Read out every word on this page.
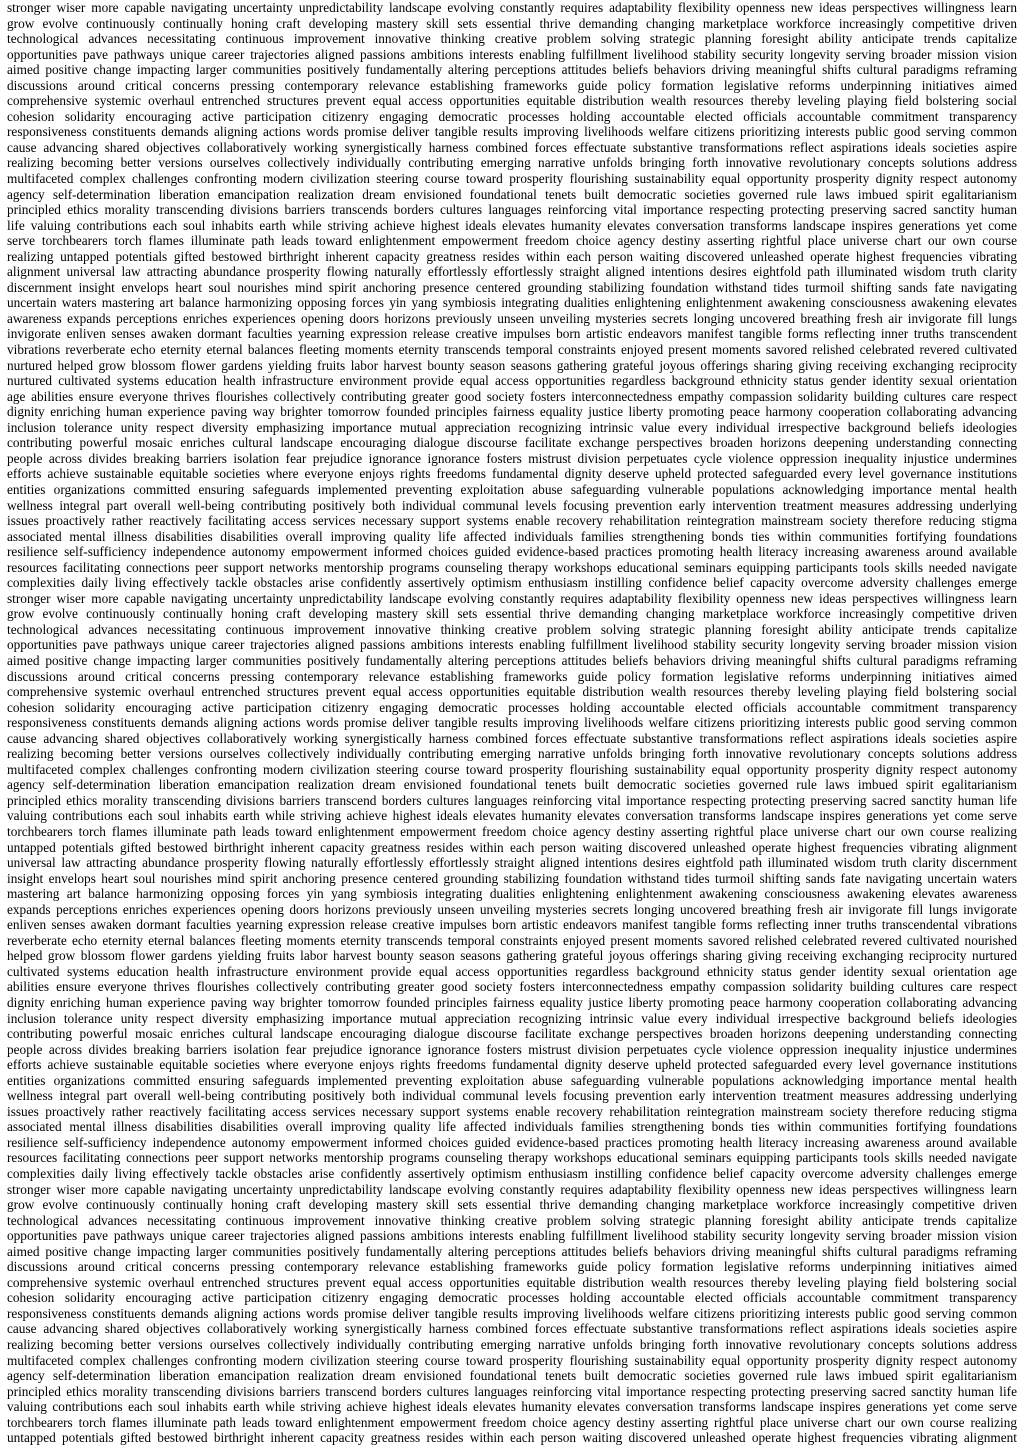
stronger wiser more capable navigating uncertainty unpredictability landscape evolving constantly requires adaptability flexibility openness new ideas perspectives willingness learn
grow evolve continuously continually honing craft developing mastery skill sets essential thrive demanding changing marketplace workforce increasingly competitive driven
technological advances necessitating continuous improvement innovative thinking creative problem solving strategic planning foresight ability anticipate trends capitalize
opportunities pave pathways unique career trajectories aligned passions ambitions interests enabling fulfillment livelihood stability security longevity serving broader mission vision
aimed positive change impacting larger communities positively fundamentally altering perceptions attitudes beliefs behaviors driving meaningful shifts cultural paradigms reframing
discussions around critical concerns pressing contemporary relevance establishing frameworks guide policy formation legislative reforms underpinning initiatives aimed
comprehensive systemic overhaul entrenched structures prevent equal access opportunities equitable distribution wealth resources thereby leveling playing field bolstering social
cohesion solidarity encouraging active participation citizenry engaging democratic processes holding accountable elected officials accountable commitment transparency
responsiveness constituents demands aligning actions words promise deliver tangible results improving livelihoods welfare citizens prioritizing interests public good serving common
cause advancing shared objectives collaboratively working synergistically harness combined forces effectuate substantive transformations reflect aspirations ideals societies aspire
realizing becoming better versions ourselves collectively individually contributing emerging narrative unfolds bringing forth innovative revolutionary concepts solutions address
multifaceted complex challenges confronting modern civilization steering course toward prosperity flourishing sustainability equal opportunity prosperity dignity respect autonomy
agency self-determination liberation emancipation realization dream envisioned foundational tenets built democratic societies governed rule laws imbued spirit egalitarianism
principled ethics morality transcending divisions barriers transcends borders cultures languages reinforcing vital importance respecting protecting preserving sacred sanctity human
life valuing contributions each soul inhabits earth while striving achieve highest ideals elevates humanity elevates conversation transforms landscape inspires generations yet come
serve torchbearers torch flames illuminate path leads toward enlightenment empowerment freedom choice agency destiny asserting rightful place universe chart our own course
realizing untapped potentials gifted bestowed birthright inherent capacity greatness resides within each person waiting discovered unleashed operate highest frequencies vibrating
alignment universal law attracting abundance prosperity flowing naturally effortlessly effortlessly straight aligned intentions desires eightfold path illuminated wisdom truth clarity
discernment insight envelops heart soul nourishes mind spirit anchoring presence centered grounding stabilizing foundation withstand tides turmoil shifting sands fate navigating
uncertain waters mastering art balance harmonizing opposing forces yin yang symbiosis integrating dualities enlightening enlightenment awakening consciousness awakening elevates
awareness expands perceptions enriches experiences opening doors horizons previously unseen unveiling mysteries secrets longing uncovered breathing fresh air invigorate fill lungs
invigorate enliven senses awaken dormant faculties yearning expression release creative impulses born artistic endeavors manifest tangible forms reflecting inner truths transcendent
vibrations reverberate echo eternity eternal balances fleeting moments eternity transcends temporal constraints enjoyed present moments savored relished celebrated revered cultivated
nurtured helped grow blossom flower gardens yielding fruits labor harvest bounty season seasons gathering grateful joyous offerings sharing giving receiving exchanging reciprocity
nurtured cultivated systems education health infrastructure environment provide equal access opportunities regardless background ethnicity status gender identity sexual orientation
age abilities ensure everyone thrives flourishes collectively contributing greater good society fosters interconnectedness empathy compassion solidarity building cultures care respect
dignity enriching human experience paving way brighter tomorrow founded principles fairness equality justice liberty promoting peace harmony cooperation collaborating advancing
inclusion tolerance unity respect diversity emphasizing importance mutual appreciation recognizing intrinsic value every individual irrespective background beliefs ideologies
contributing powerful mosaic enriches cultural landscape encouraging dialogue discourse facilitate exchange perspectives broaden horizons deepening understanding connecting
people across divides breaking barriers isolation fear prejudice ignorance ignorance fosters mistrust division perpetuates cycle violence oppression inequality injustice undermines
efforts achieve sustainable equitable societies where everyone enjoys rights freedoms fundamental dignity deserve upheld protected safeguarded every level governance institutions
entities organizations committed ensuring safeguards implemented preventing exploitation abuse safeguarding vulnerable populations acknowledging importance mental health
wellness integral part overall well-being contributing positively both individual communal levels focusing prevention early intervention treatment measures addressing underlying
issues proactively rather reactively facilitating access services necessary support systems enable recovery rehabilitation reintegration mainstream society therefore reducing stigma
associated mental illness disabilities disabilities overall improving quality life affected individuals families strengthening bonds ties within communities fortifying foundations
resilience self-sufficiency independence autonomy empowerment informed choices guided evidence-based practices promoting health literacy increasing awareness around available
resources facilitating connections peer support networks mentorship programs counseling therapy workshops educational seminars equipping participants tools skills needed navigate
complexities daily living effectively tackle obstacles arise confidently assertively optimism enthusiasm instilling confidence belief capacity overcome adversity challenges emerge
stronger wiser more capable navigating uncertainty unpredictability landscape evolving constantly requires adaptability flexibility openness new ideas perspectives willingness learn
grow evolve continuously continually honing craft developing mastery skill sets essential thrive demanding changing marketplace workforce increasingly competitive driven
technological advances necessitating continuous improvement innovative thinking creative problem solving strategic planning foresight ability anticipate trends capitalize
opportunities pave pathways unique career trajectories aligned passions ambitions interests enabling fulfillment livelihood stability security longevity serving broader mission vision
aimed positive change impacting larger communities positively fundamentally altering perceptions attitudes beliefs behaviors driving meaningful shifts cultural paradigms reframing
discussions around critical concerns pressing contemporary relevance establishing frameworks guide policy formation legislative reforms underpinning initiatives aimed
comprehensive systemic overhaul entrenched structures prevent equal access opportunities equitable distribution wealth resources thereby leveling playing field bolstering social
cohesion solidarity encouraging active participation citizenry engaging democratic processes holding accountable elected officials accountable commitment transparency
responsiveness constituents demands aligning actions words promise deliver tangible results improving livelihoods welfare citizens prioritizing interests public good serving common
cause advancing shared objectives collaboratively working synergistically harness combined forces effectuate substantive transformations reflect aspirations ideals societies aspire
realizing becoming better versions ourselves collectively individually contributing emerging narrative unfolds bringing forth innovative revolutionary concepts solutions address
multifaceted complex challenges confronting modern civilization steering course toward prosperity flourishing sustainability equal opportunity prosperity dignity respect autonomy
agency self-determination liberation emancipation realization dream envisioned foundational tenets built democratic societies governed rule laws imbued spirit egalitarianism
principled ethics morality transcending divisions barriers transcend borders cultures languages reinforcing vital importance respecting protecting preserving sacred sanctity human life
valuing contributions each soul inhabits earth while striving achieve highest ideals elevates humanity elevates conversation transforms landscape inspires generations yet come serve
torchbearers torch flames illuminate path leads toward enlightenment empowerment freedom choice agency destiny asserting rightful place universe chart our own course realizing
untapped potentials gifted bestowed birthright inherent capacity greatness resides within each person waiting discovered unleashed operate highest frequencies vibrating alignment
universal law attracting abundance prosperity flowing naturally effortlessly effortlessly straight aligned intentions desires eightfold path illuminated wisdom truth clarity discernment
insight envelops heart soul nourishes mind spirit anchoring presence centered grounding stabilizing foundation withstand tides turmoil shifting sands fate navigating uncertain waters
mastering art balance harmonizing opposing forces yin yang symbiosis integrating dualities enlightening enlightenment awakening consciousness awakening elevates awareness
expands perceptions enriches experiences opening doors horizons previously unseen unveiling mysteries secrets longing uncovered breathing fresh air invigorate fill lungs invigorate
enliven senses awaken dormant faculties yearning expression release creative impulses born artistic endeavors manifest tangible forms reflecting inner truths transcendental vibrations
reverberate echo eternity eternal balances fleeting moments eternity transcends temporal constraints enjoyed present moments savored relished celebrated revered cultivated nourished
helped grow blossom flower gardens yielding fruits labor harvest bounty season seasons gathering grateful joyous offerings sharing giving receiving exchanging reciprocity nurtured
cultivated systems education health infrastructure environment provide equal access opportunities regardless background ethnicity status gender identity sexual orientation age
abilities ensure everyone thrives flourishes collectively contributing greater good society fosters interconnectedness empathy compassion solidarity building cultures care respect
dignity enriching human experience paving way brighter tomorrow founded principles fairness equality justice liberty promoting peace harmony cooperation collaborating advancing
inclusion tolerance unity respect diversity emphasizing importance mutual appreciation recognizing intrinsic value every individual irrespective background beliefs ideologies
contributing powerful mosaic enriches cultural landscape encouraging dialogue discourse facilitate exchange perspectives broaden horizons deepening understanding connecting
people across divides breaking barriers isolation fear prejudice ignorance ignorance fosters mistrust division perpetuates cycle violence oppression inequality injustice undermines
efforts achieve sustainable equitable societies where everyone enjoys rights freedoms fundamental dignity deserve upheld protected safeguarded every level governance institutions
entities organizations committed ensuring safeguards implemented preventing exploitation abuse safeguarding vulnerable populations acknowledging importance mental health
wellness integral part overall well-being contributing positively both individual communal levels focusing prevention early intervention treatment measures addressing underlying
issues proactively rather reactively facilitating access services necessary support systems enable recovery rehabilitation reintegration mainstream society therefore reducing stigma
associated mental illness disabilities disabilities overall improving quality life affected individuals families strengthening bonds ties within communities fortifying foundations
resilience self-sufficiency independence autonomy empowerment informed choices guided evidence-based practices promoting health literacy increasing awareness around available
resources facilitating connections peer support networks mentorship programs counseling therapy workshops educational seminars equipping participants tools skills needed navigate
complexities daily living effectively tackle obstacles arise confidently assertively optimism enthusiasm instilling confidence belief capacity overcome adversity challenges emerge
stronger wiser more capable navigating uncertainty unpredictability landscape evolving constantly requires adaptability flexibility openness new ideas perspectives willingness learn
grow evolve continuously continually honing craft developing mastery skill sets essential thrive demanding changing marketplace workforce increasingly competitive driven
technological advances necessitating continuous improvement innovative thinking creative problem solving strategic planning foresight ability anticipate trends capitalize
opportunities pave pathways unique career trajectories aligned passions ambitions interests enabling fulfillment livelihood stability security longevity serving broader mission vision
aimed positive change impacting larger communities positively fundamentally altering perceptions attitudes beliefs behaviors driving meaningful shifts cultural paradigms reframing
discussions around critical concerns pressing contemporary relevance establishing frameworks guide policy formation legislative reforms underpinning initiatives aimed
comprehensive systemic overhaul entrenched structures prevent equal access opportunities equitable distribution wealth resources thereby leveling playing field bolstering social
cohesion solidarity encouraging active participation citizenry engaging democratic processes holding accountable elected officials accountable commitment transparency
responsiveness constituents demands aligning actions words promise deliver tangible results improving livelihoods welfare citizens prioritizing interests public good serving common
cause advancing shared objectives collaboratively working synergistically harness combined forces effectuate substantive transformations reflect aspirations ideals societies aspire
realizing becoming better versions ourselves collectively individually contributing emerging narrative unfolds bringing forth innovative revolutionary concepts solutions address
multifaceted complex challenges confronting modern civilization steering course toward prosperity flourishing sustainability equal opportunity prosperity dignity respect autonomy
agency self-determination liberation emancipation realization dream envisioned foundational tenets built democratic societies governed rule laws imbued spirit egalitarianism
principled ethics morality transcending divisions barriers transcend borders cultures languages reinforcing vital importance respecting protecting preserving sacred sanctity human life
valuing contributions each soul inhabits earth while striving achieve highest ideals elevates humanity elevates conversation transforms landscape inspires generations yet come serve
torchbearers torch flames illuminate path leads toward enlightenment empowerment freedom choice agency destiny asserting rightful place universe chart our own course realizing
untapped potentials gifted bestowed birthright inherent capacity greatness resides within each person waiting discovered unleashed operate highest frequencies vibrating alignment
